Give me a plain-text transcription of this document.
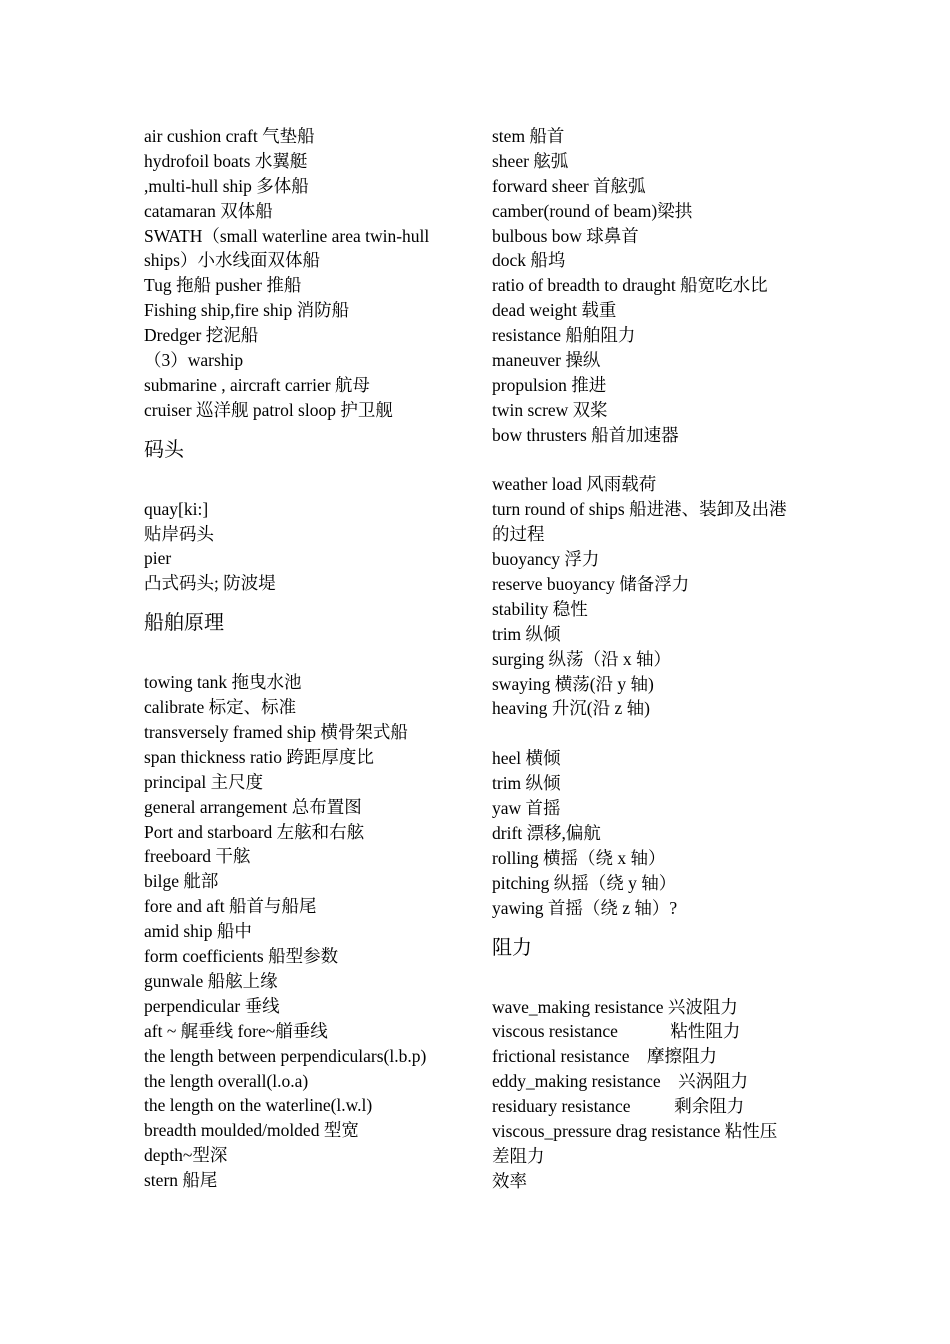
air cushion craft 气垫船
hydrofoil boats 水翼艇
,multi-hull ship 多体船
catamaran 双体船
SWATH（small waterline area twin-hull
ships）小水线面双体船
Tug 拖船 pusher 推船
Fishing ship,fire ship 消防船
Dredger 挖泥船
（3）warship
submarine , aircraft carrier 航母
cruiser 巡洋舰 patrol sloop 护卫舰
码头
quay[ki:]
贴岸码头
pier
凸式码头; 防波堤
船舶原理
towing tank 拖曳水池
calibrate 标定、标准
transversely framed ship 横骨架式船
span thickness ratio 跨距厚度比
principal 主尺度
general arrangement 总布置图
Port and starboard 左舷和右舷
freeboard 干舷
bilge 舭部
fore and aft 船首与船尾
amid ship 船中
form coefficients 船型参数
gunwale 船舷上缘
perpendicular 垂线
aft ~ 艉垂线 fore~艏垂线
the length between perpendiculars(l.b.p)
the length overall(l.o.a)
the length on the waterline(l.w.l)
breadth moulded/molded 型宽
depth~型深
stern 船尾
stem 船首
sheer 舷弧
forward sheer 首舷弧
camber(round of beam)梁拱
bulbous bow 球鼻首
dock 船坞
ratio of breadth to draught 船宽吃水比
dead weight 载重
resistance 船舶阻力
maneuver 操纵
propulsion 推进
twin screw 双桨
bow thrusters 船首加速器
weather load 风雨载荷
turn round of ships 船进港、装卸及出港
的过程
buoyancy 浮力
reserve buoyancy 储备浮力
stability 稳性
trim 纵倾
surging 纵荡（沿 x 轴）
swaying 横荡(沿 y 轴)
heaving 升沉(沿 z 轴)
heel 横倾
trim 纵倾
yaw 首摇
drift 漂移,偏航
rolling 横摇（绕 x 轴）
pitching 纵摇（绕 y 轴）
yawing 首摇（绕 z 轴）?
阻力
wave_making resistance 兴波阻力
viscous resistance            粘性阻力
frictional resistance    摩擦阻力
eddy_making resistance    兴涡阻力
residuary resistance          剩余阻力
viscous_pressure drag resistance 粘性压
差阻力
效率
